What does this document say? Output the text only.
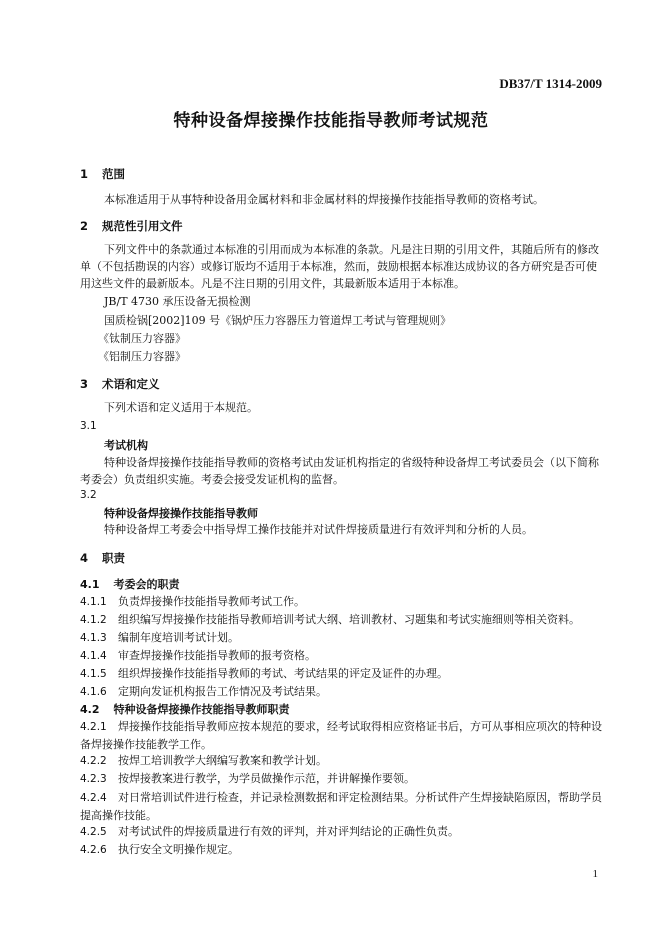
DB37/T 1314-2009
特种设备焊接操作技能指导教师考试规范
1 范围
本标准适用于从事特种设备用金属材料和非金属材料的焊接操作技能指导教师的资格考试。
2 规范性引用文件
下列文件中的条款通过本标准的引用而成为本标准的条款。凡是注日期的引用文件，其随后所有的修改单（不包括勘误的内容）或修订版均不适用于本标准，然而，鼓励根据本标准达成协议的各方研究是否可使用这些文件的最新版本。凡是不注日期的引用文件，其最新版本适用于本标准。
JB/T 4730 承压设备无损检测
国质检锅[2002]109 号《锅炉压力容器压力管道焊工考试与管理规则》
《钛制压力容器》
《铝制压力容器》
3 术语和定义
下列术语和定义适用于本规范。
3.1
考试机构
特种设备焊接操作技能指导教师的资格考试由发证机构指定的省级特种设备焊工考试委员会（以下简称考委会）负责组织实施。考委会接受发证机构的监督。
3.2
特种设备焊接操作技能指导教师
特种设备焊工考委会中指导焊工操作技能并对试件焊接质量进行有效评判和分析的人员。
4 职责
4.1 考委会的职责
4.1.1 负责焊接操作技能指导教师考试工作。
4.1.2 组织编写焊接操作技能指导教师培训考试大纲、培训教材、习题集和考试实施细则等相关资料。
4.1.3 编制年度培训考试计划。
4.1.4 审查焊接操作技能指导教师的报考资格。
4.1.5 组织焊接操作技能指导教师的考试、考试结果的评定及证件的办理。
4.1.6 定期向发证机构报告工作情况及考试结果。
4.2 特种设备焊接操作技能指导教师职责
4.2.1 焊接操作技能指导教师应按本规范的要求，经考试取得相应资格证书后，方可从事相应项次的特种设备焊接操作技能教学工作。
4.2.2 按焊工培训教学大纲编写教案和教学计划。
4.2.3 按焊接教案进行教学，为学员做操作示范，并讲解操作要领。
4.2.4 对日常培训试件进行检查，并记录检测数据和评定检测结果。分析试件产生焊接缺陷原因，帮助学员提高操作技能。
4.2.5 对考试试件的焊接质量进行有效的评判，并对评判结论的正确性负责。
4.2.6 执行安全文明操作规定。
1
